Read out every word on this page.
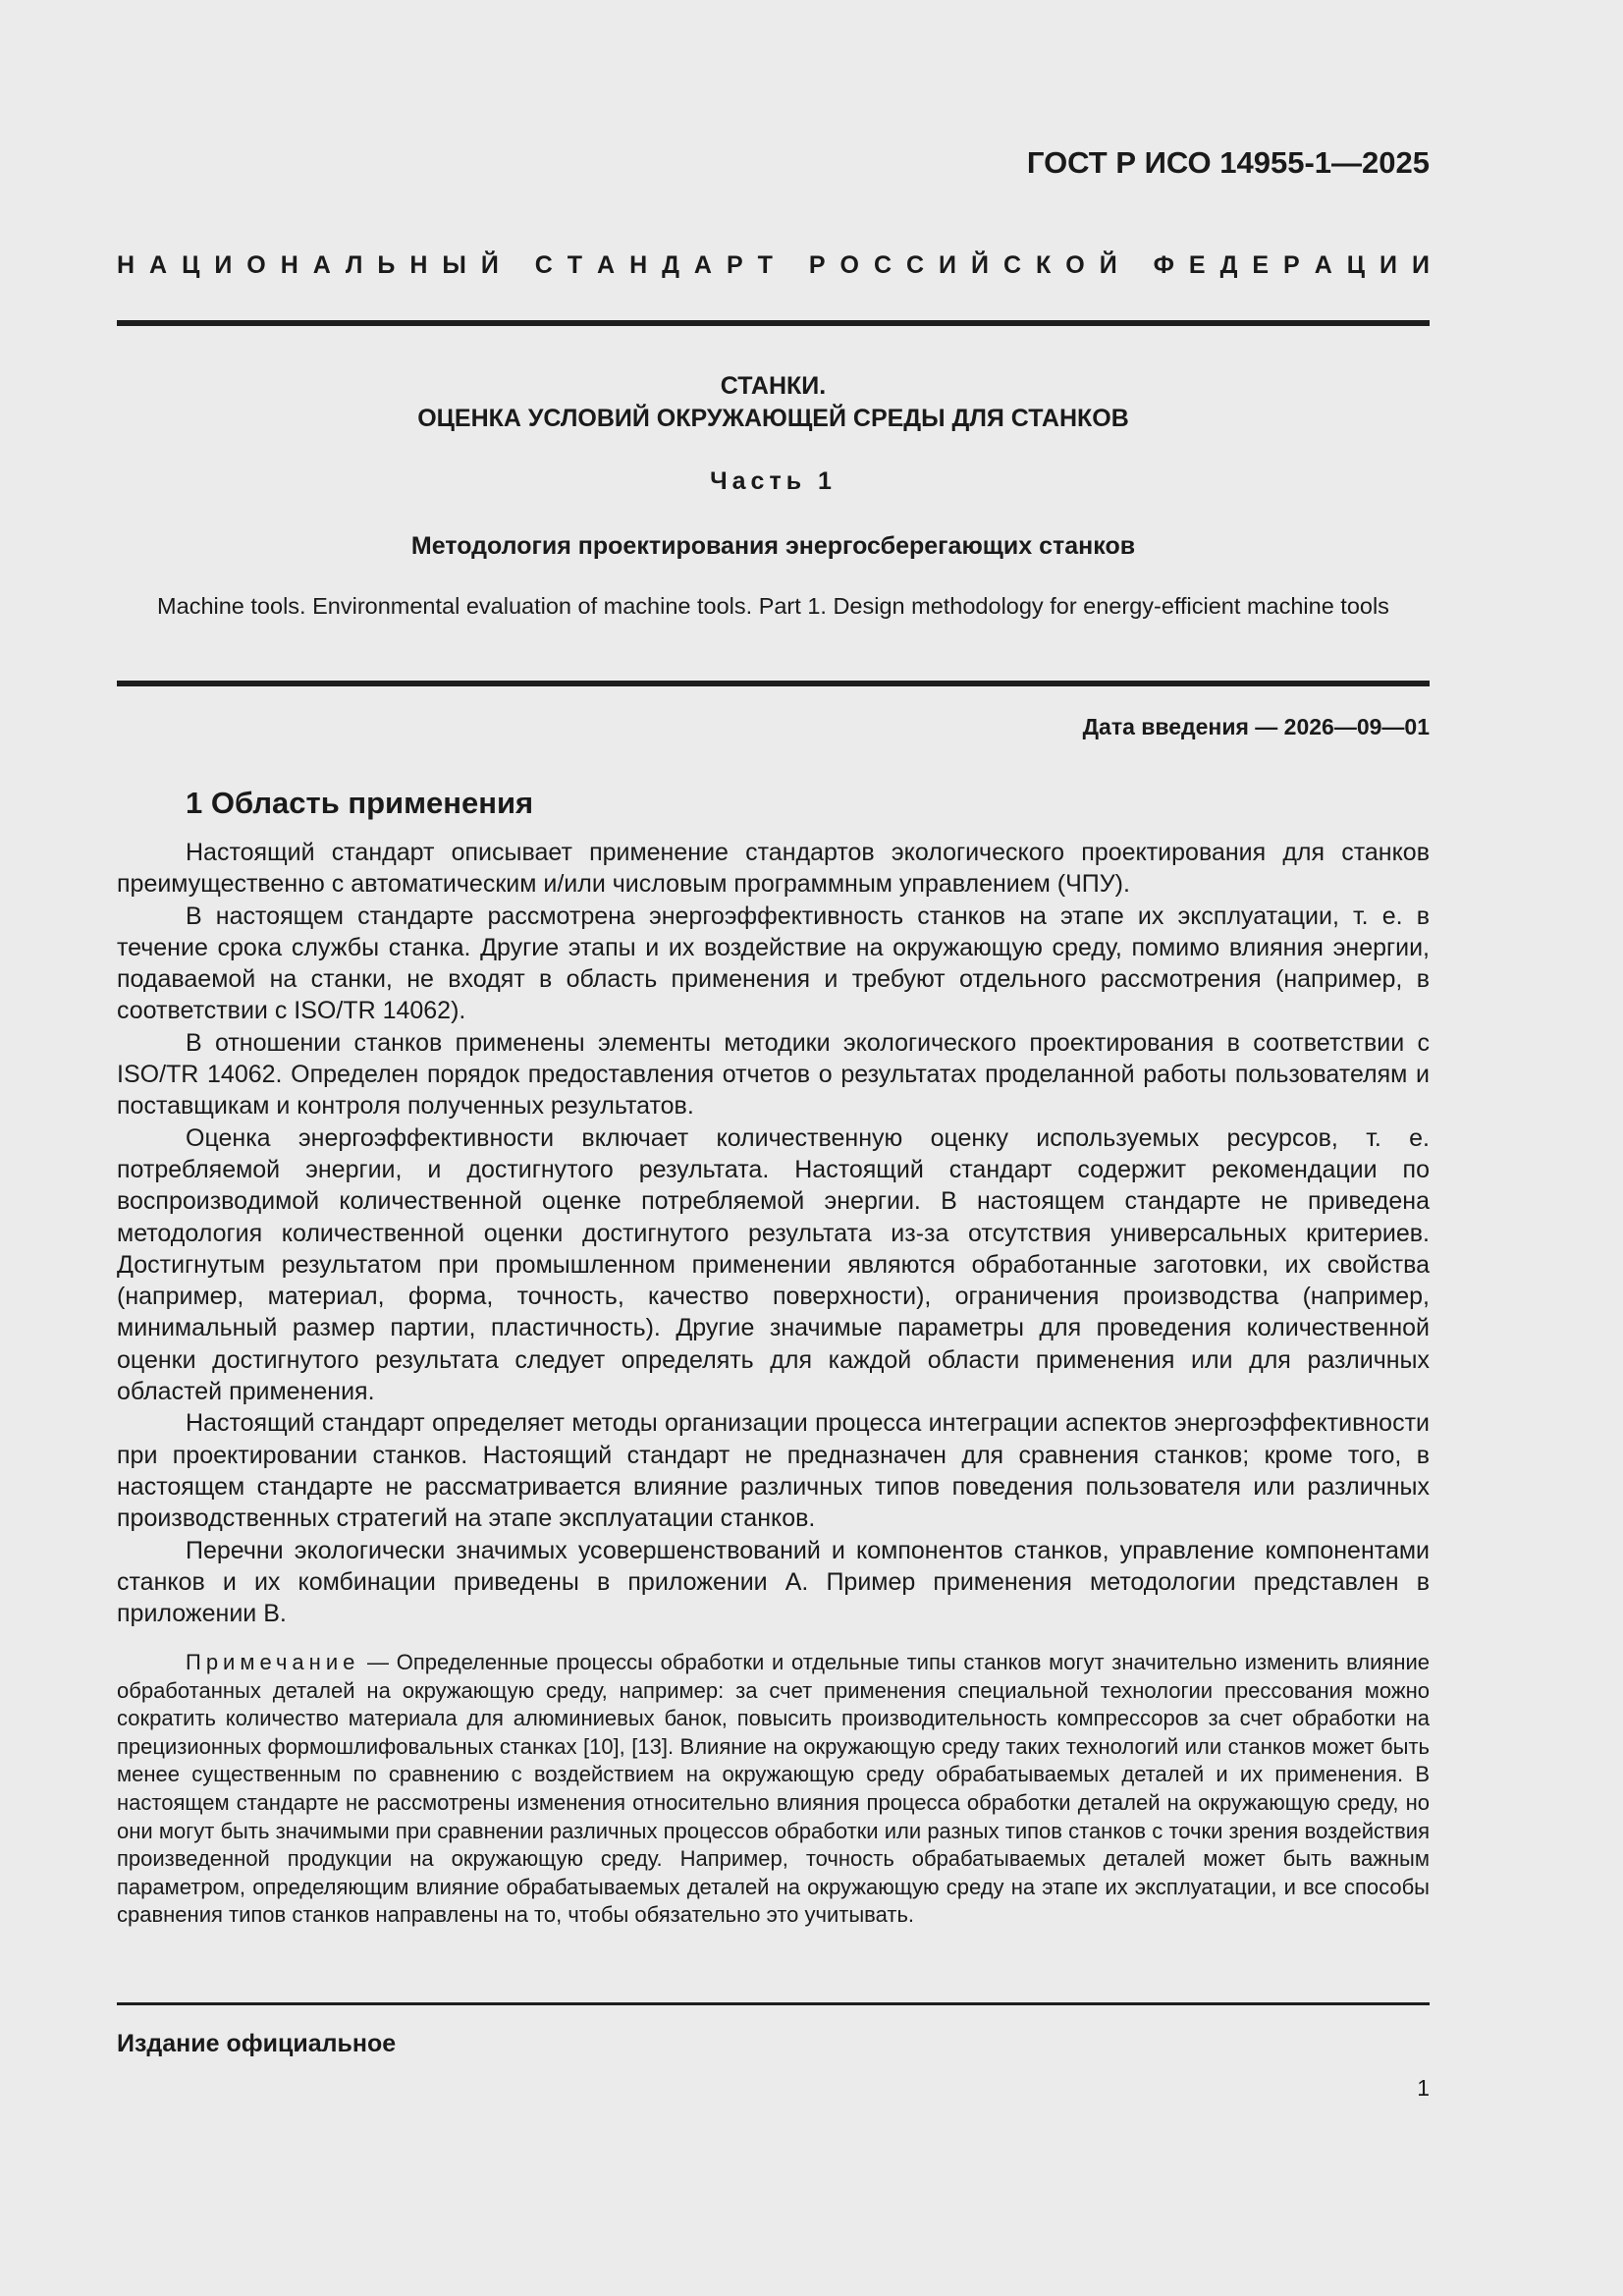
ГОСТ Р ИСО 14955-1—2025
Н А Ц И О Н А Л Ь Н Ы Й
С Т А Н Д А Р Т
Р О С С И Й С К О Й
Ф Е Д Е Р А Ц И И
СТАНКИ.
ОЦЕНКА УСЛОВИЙ ОКРУЖАЮЩЕЙ СРЕДЫ ДЛЯ СТАНКОВ
Часть 1
Методология проектирования энергосберегающих станков
Machine tools. Environmental evaluation of machine tools. Part 1. Design methodology for energy-efficient machine tools
Дата введения — 2026—09—01
1 Область применения

Настоящий стандарт описывает применение стандартов экологического проектирования для станков преимущественно с автоматическим и/или числовым программным управлением (ЧПУ).

В настоящем стандарте рассмотрена энергоэффективность станков на этапе их эксплуатации, т. е. в течение срока службы станка. Другие этапы и их воздействие на окружающую среду, помимо влияния энергии, подаваемой на станки, не входят в область применения и требуют отдельного рассмотрения (например, в соответствии с ISO/TR 14062).

В отношении станков применены элементы методики экологического проектирования в соответствии с ISO/TR 14062. Определен порядок предоставления отчетов о результатах проделанной работы пользователям и поставщикам и контроля полученных результатов.

Оценка энергоэффективности включает количественную оценку используемых ресурсов, т. е. потребляемой энергии, и достигнутого результата. Настоящий стандарт содержит рекомендации по воспроизводимой количественной оценке потребляемой энергии. В настоящем стандарте не приведена методология количественной оценки достигнутого результата из-за отсутствия универсальных критериев. Достигнутым результатом при промышленном применении являются обработанные заготовки, их свойства (например, материал, форма, точность, качество поверхности), ограничения производства (например, минимальный размер партии, пластичность). Другие значимые параметры для проведения количественной оценки достигнутого результата следует определять для каждой области применения или для различных областей применения.

Настоящий стандарт определяет методы организации процесса интеграции аспектов энергоэффективности при проектировании станков. Настоящий стандарт не предназначен для сравнения станков; кроме того, в настоящем стандарте не рассматривается влияние различных типов поведения пользователя или различных производственных стратегий на этапе эксплуатации станков.

Перечни экологически значимых усовершенствований и компонентов станков, управление компонентами станков и их комбинации приведены в приложении А. Пример применения методологии представлен в приложении В.

Примечание — Определенные процессы обработки и отдельные типы станков могут значительно изменить влияние обработанных деталей на окружающую среду, например: за счет применения специальной технологии прессования можно сократить количество материала для алюминиевых банок, повысить производительность компрессоров за счет обработки на прецизионных формошлифовальных станках [10], [13]. Влияние на окружающую среду таких технологий или станков может быть менее существенным по сравнению с воздействием на окружающую среду обрабатываемых деталей и их применения. В настоящем стандарте не рассмотрены изменения относительно влияния процесса обработки деталей на окружающую среду, но они могут быть значимыми при сравнении различных процессов обработки или разных типов станков с точки зрения воздействия произведенной продукции на окружающую среду. Например, точность обрабатываемых деталей может быть важным параметром, определяющим влияние обрабатываемых деталей на окружающую среду на этапе их эксплуатации, и все способы сравнения типов станков направлены на то, чтобы обязательно это учитывать.

Издание официальное
1
